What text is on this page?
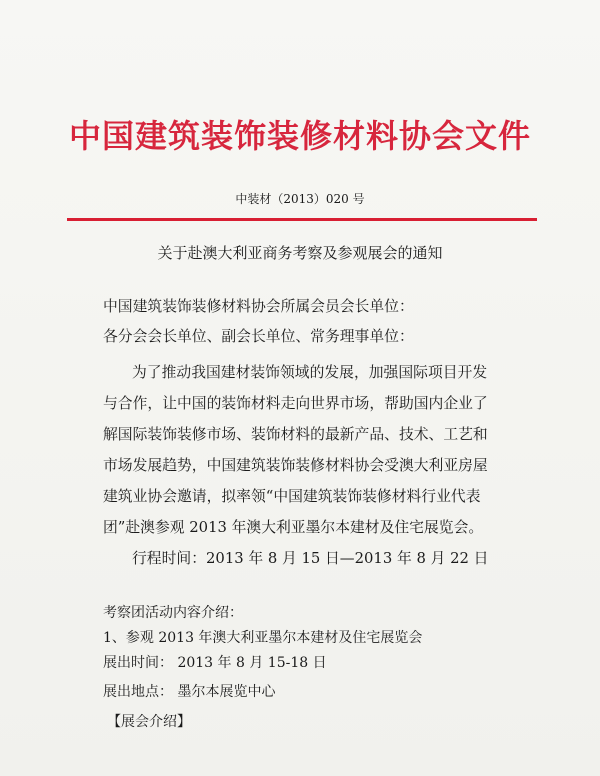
中国建筑装饰装修材料协会文件
中装材（2013）020 号
关于赴澳大利亚商务考察及参观展会的通知
中国建筑装饰装修材料协会所属会员会长单位：
各分会会长单位、副会长单位、常务理事单位：
为了推动我国建材装饰领域的发展，加强国际项目开发
与合作，让中国的装饰材料走向世界市场，帮助国内企业了
解国际装饰装修市场、装饰材料的最新产品、技术、工艺和
市场发展趋势，中国建筑装饰装修材料协会受澳大利亚房屋
建筑业协会邀请，拟率领“中国建筑装饰装修材料行业代表
团”赴澳参观 2013 年澳大利亚墨尔本建材及住宅展览会。
行程时间：2013 年 8 月 15 日—2013 年 8 月 22 日
考察团活动内容介绍：
1、参观 2013 年澳大利亚墨尔本建材及住宅展览会
展出时间： 2013 年 8 月 15-18 日
展出地点： 墨尔本展览中心
【展会介绍】
